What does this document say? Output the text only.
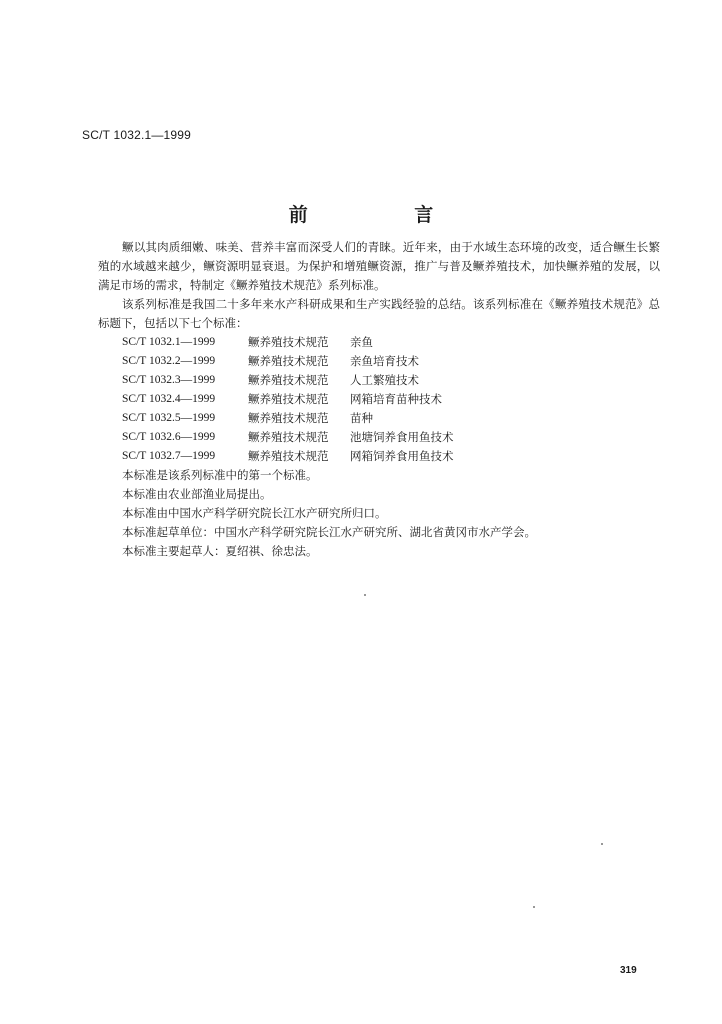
SC/T 1032.1—1999
前 言

鳜以其肉质细嫩、味美、营养丰富而深受人们的青睐。近年来，由于水域生态环境的改变，适合鳜生长繁殖的水域越来越少，鳜资源明显衰退。为保护和增殖鳜资源，推广与普及鳜养殖技术，加快鳜养殖的发展，以满足市场的需求，特制定《鳜养殖技术规范》系列标准。

该系列标准是我国二十多年来水产科研成果和生产实践经验的总结。该系列标准在《鳜养殖技术规范》总标题下，包括以下七个标准：

SC/T 1032.1—1999	鳜养殖技术规范	亲鱼
SC/T 1032.2—1999	鳜养殖技术规范	亲鱼培育技术
SC/T 1032.3—1999	鳜养殖技术规范	人工繁殖技术
SC/T 1032.4—1999	鳜养殖技术规范	网箱培育苗种技术
SC/T 1032.5—1999	鳜养殖技术规范	苗种
SC/T 1032.6—1999	鳜养殖技术规范	池塘饲养食用鱼技术
SC/T 1032.7—1999	鳜养殖技术规范	网箱饲养食用鱼技术

本标准是该系列标准中的第一个标准。

本标准由农业部渔业局提出。

本标准由中国水产科学研究院长江水产研究所归口。

本标准起草单位：中国水产科学研究院长江水产研究所、湖北省黄冈市水产学会。

本标准主要起草人：夏绍祺、徐忠法。

319
